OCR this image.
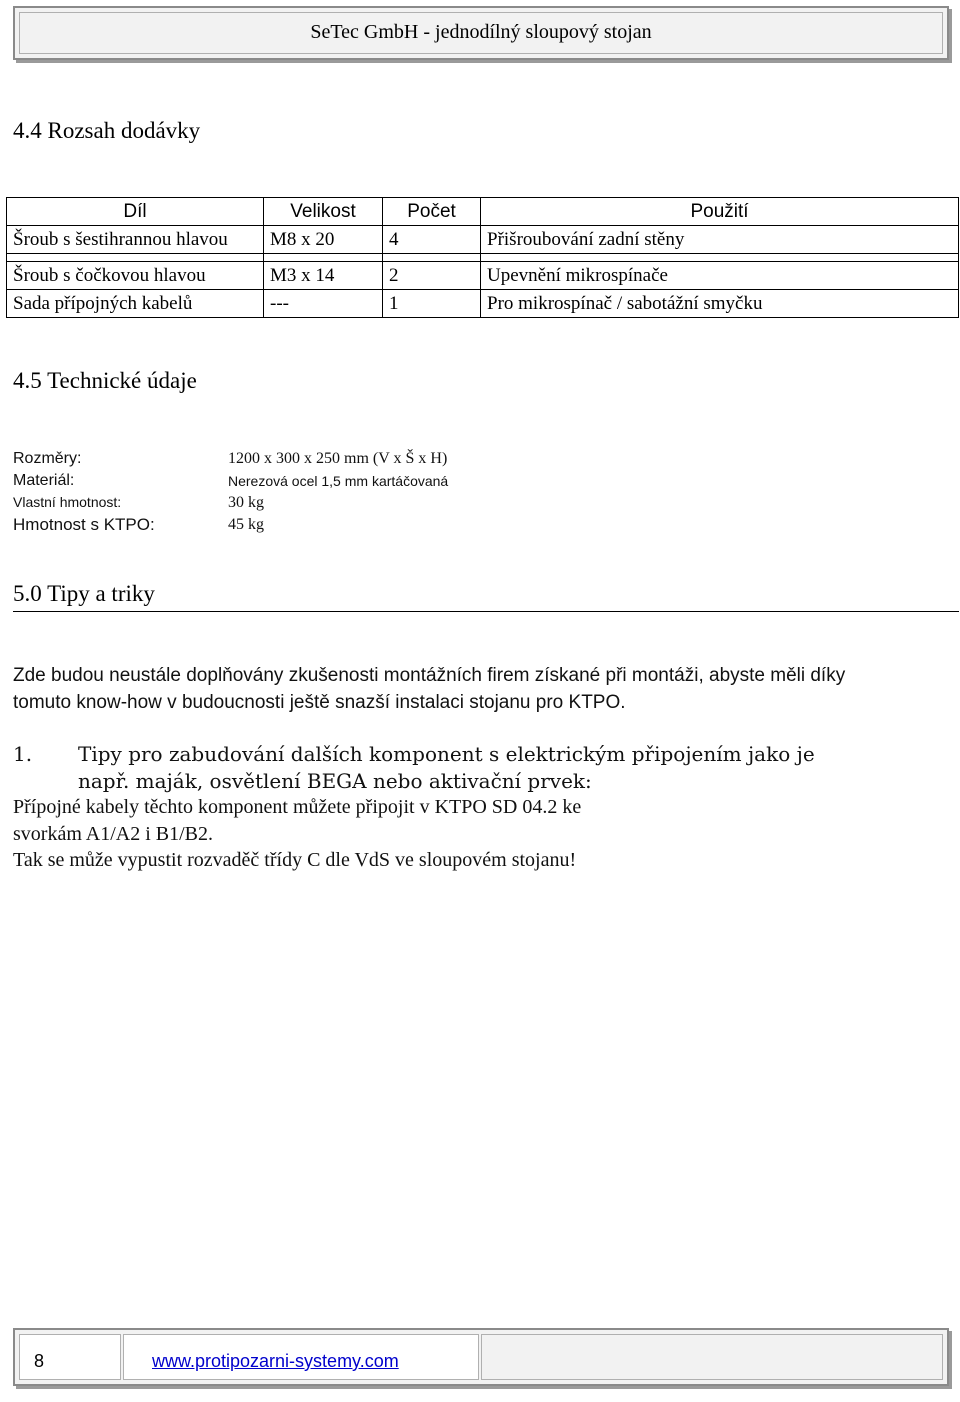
SeTec GmbH - jednodílný sloupový stojan
4.4 Rozsah dodávky
Díl	Velikost	Počet	Použití
Šroub s šestihrannou hlavou	M8 x 20	4	Přišroubování zadní stěny

Šroub s čočkovou hlavou	M3 x 14	2	Upevnění mikrospínače
Sada přípojných kabelů	---	1	Pro mikrospínač / sabotážní smyčku
4.5 Technické údaje
Rozměry:	1200 x 300 x 250 mm (V x Š x H)
Materiál:	Nerezová ocel 1,5 mm kartáčovaná
Vlastní hmotnost:	30 kg
Hmotnost s KTPO:	45 kg
5.0 Tipy a triky
Zde budou neustále doplňovány zkušenosti montážních firem získané při montáži, abyste měli díky
tomuto know-how v budoucnosti ještě snazší instalaci stojanu pro KTPO.
1. Tipy pro zabudování dalších komponent s elektrickým připojením jako je
např. maják, osvětlení BEGA nebo aktivační prvek:
Přípojné kabely těchto komponent můžete připojit v KTPO SD 04.2 ke
svorkám A1/A2 i B1/B2.
Tak se může vypustit rozvaděč třídy C dle VdS ve sloupovém stojanu!
8	www.protipozarni-systemy.com
